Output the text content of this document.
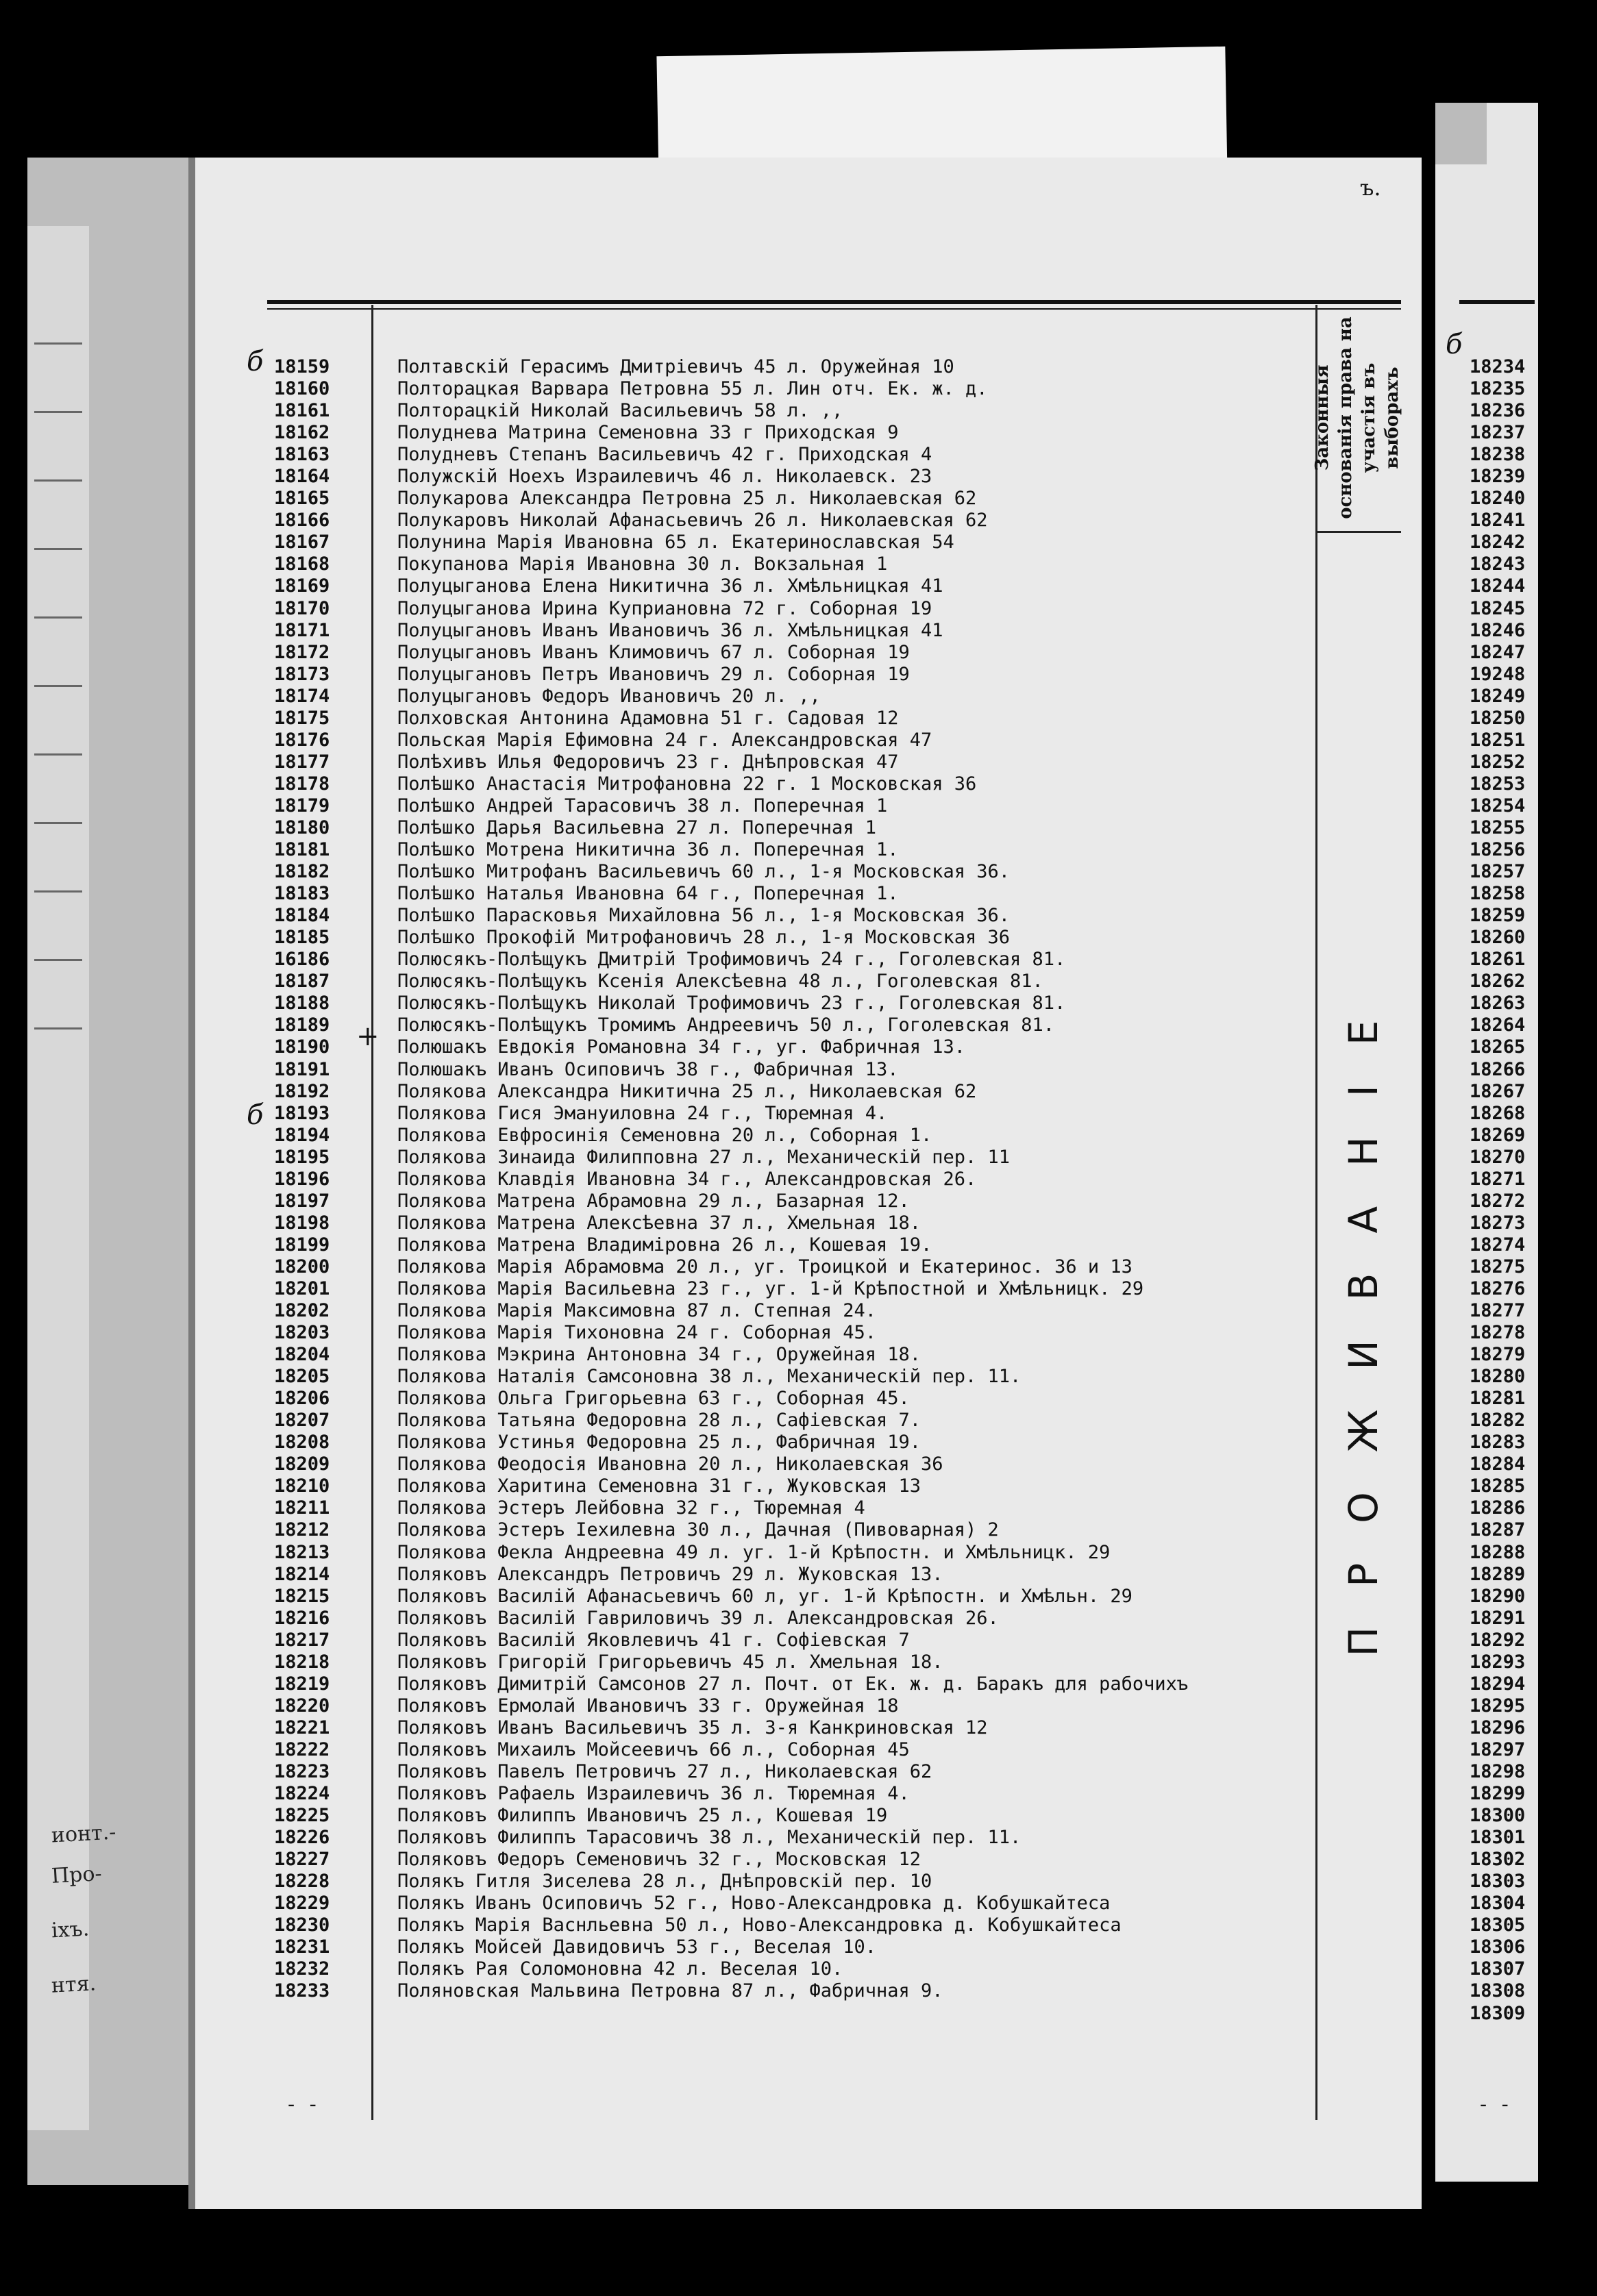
ионт.-
Про-
iхъ.
нтя.
ъ.
Законныя основанія права на участія въ выборахъ
ПРОЖИВАНІЕ
18159	Полтавскій Герасимъ Дмитріевичъ 45 л. Оружейная 10
18160	Полторацкая Варвара Петровна 55 л. Лин отч. Ек. ж. д.
18161	Полторацкій Николай Васильевичъ 58 л. ,,
18162	Полуднева Матрина Семеновна 33 г Приходская 9
18163	Полудневъ Степанъ Васильевичъ 42 г. Приходская 4
18164	Полужскій Ноехъ Израилевичъ 46 л. Николаевск. 23
18165	Полукарова Александра Петровна 25 л. Николаевская 62
18166	Полукаровъ Николай Афанасьевичъ 26 л. Николаевская 62
18167	Полунина Марія Ивановна 65 л. Екатеринославская 54
18168	Покупанова Марія Ивановна 30 л. Вокзальная 1
18169	Полуцыганова Елена Никитична 36 л. Хмѣльницкая 41
18170	Полуцыганова Ирина Куприановна 72 г. Соборная 19
18171	Полуцыгановъ Иванъ Ивановичъ 36 л. Хмѣльницкая 41
18172	Полуцыгановъ Иванъ Климовичъ 67 л. Соборная 19
18173	Полуцыгановъ Петръ Ивановичъ 29 л. Соборная 19
18174	Полуцыгановъ Федоръ Ивановичъ 20 л. ,,
18175	Полховская Антонина Адамовна 51 г. Садовая 12
18176	Польская Марія Ефимовна 24 г. Александровская 47
18177	Полѣхивъ Илья Федоровичъ 23 г. Днѣпровская 47
18178	Полѣшко Анастасія Митрофановна 22 г. 1 Московская 36
18179	Полѣшко Андрей Тарасовичъ 38 л. Поперечная 1
18180	Полѣшко Дарья Васильевна 27 л. Поперечная 1
18181	Полѣшко Мотрена Никитична 36 л. Поперечная 1.
18182	Полѣшко Митрофанъ Васильевичъ 60 л., 1-я Московская 36.
18183	Полѣшко Наталья Ивановна 64 г., Поперечная 1.
18184	Полѣшко Парасковья Михайловна 56 л., 1-я Московская 36.
18185	Полѣшко Прокофій Митрофановичъ 28 л., 1-я Московская 36
16186	Полюсякъ-Полѣщукъ Дмитрій Трофимовичъ 24 г., Гоголевская 81.
18187	Полюсякъ-Полѣщукъ Ксенія Алексѣевна 48 л., Гоголевская 81.
18188	Полюсякъ-Полѣщукъ Николай Трофимовичъ 23 г., Гоголевская 81.
18189	Полюсякъ-Полѣщукъ Тромимъ Андреевичъ 50 л., Гоголевская 81.
18190	Полюшакъ Евдокія Романовна 34 г., уг. Фабричная 13.
18191	Полюшакъ Иванъ Осиповичъ 38 г., Фабричная 13.
18192	Полякова Александра Никитична 25 л., Николаевская 62
18193	Полякова Гися Эмануиловна 24 г., Тюремная 4.
18194	Полякова Евфросинія Семеновна 20 л., Соборная 1.
18195	Полякова Зинаида Филипповна 27 л., Механическій пер. 11
18196	Полякова Клавдія Ивановна 34 г., Александровская 26.
18197	Полякова Матрена Абрамовна 29 л., Базарная 12.
18198	Полякова Матрена Алексѣевна 37 л., Хмельная 18.
18199	Полякова Матрена Владиміровна 26 л., Кошевая 19.
18200	Полякова Марія Абрамовма 20 л., уг. Троицкой и Екатеринос. 36 и 13
18201	Полякова Марія Васильевна 23 г., уг. 1-й Крѣпостной и Хмѣльницк. 29
18202	Полякова Марія Максимовна 87 л. Степная 24.
18203	Полякова Марія Тихоновна 24 г. Соборная 45.
18204	Полякова Мэкрина Антоновна 34 г., Оружейная 18.
18205	Полякова Наталія Самсоновна 38 л., Механическій пер. 11.
18206	Полякова Ольга Григорьевна 63 г., Соборная 45.
18207	Полякова Татьяна Федоровна 28 л., Сафіевская 7.
18208	Полякова Устинья Федоровна 25 л., Фабричная 19.
18209	Полякова Феодосія Ивановна 20 л., Николаевская 36
18210	Полякова Харитина Семеновна 31 г., Жуковская 13
18211	Полякова Эстеръ Лейбовна 32 г., Тюремная 4
18212	Полякова Эстеръ Іехилевна 30 л., Дачная (Пивоварная) 2
18213	Полякова Фекла Андреевна 49 л. уг. 1-й Крѣпостн. и Хмѣльницк. 29
18214	Поляковъ Александръ Петровичъ 29 л. Жуковская 13.
18215	Поляковъ Василій Афанасьевичъ 60 л, уг. 1-й Крѣпостн. и Хмѣльн. 29
18216	Поляковъ Василій Гавриловичъ 39 л. Александровская 26.
18217	Поляковъ Василій Яковлевичъ 41 г. Софіевская 7
18218	Поляковъ Григорій Григорьевичъ 45 л. Хмельная 18.
18219	Поляковъ Димитрій Самсонов 27 л. Почт. от Ек. ж. д. Баракъ для рабочихъ
18220	Поляковъ Ермолай Ивановичъ 33 г. Оружейная 18
18221	Поляковъ Иванъ Васильевичъ 35 л. 3-я Канкриновская 12
18222	Поляковъ Михаилъ Мойсеевичъ 66 л., Соборная 45
18223	Поляковъ Павелъ Петровичъ 27 л., Николаевская 62
18224	Поляковъ Рафаель Израилевичъ 36 л. Тюремная 4.
18225	Поляковъ Филиппъ Ивановичъ 25 л., Кошевая 19
18226	Поляковъ Филиппъ Тарасовичъ 38 л., Механическій пер. 11.
18227	Поляковъ Федоръ Семеновичъ 32 г., Московская 12
18228	Полякъ Гитля Зиселева 28 л., Днѣпровскій пер. 10
18229	Полякъ Иванъ Осиповичъ 52 г., Ново-Александровка д. Кобушкайтеса
18230	Полякъ Марія Васнльевна 50 л., Ново-Александровка д. Кобушкайтеса
18231	Полякъ Мойсей Давидовичъ 53 г., Веселая 10.
18232	Полякъ Рая Соломоновна 42 л. Веселая 10.
18233	Поляновская Мальвина Петровна 87 л., Фабричная 9.
18234
18235
18236
18237
18238
18239
18240
18241
18242
18243
18244
18245
18246
18247
19248
18249
18250
18251
18252
18253
18254
18255
18256
18257
18258
18259
18260
18261
18262
18263
18264
18265
18266
18267
18268
18269
18270
18271
18272
18273
18274
18275
18276
18277
18278
18279
18280
18281
18282
18283
18284
18285
18286
18287
18288
18289
18290
18291
18292
18293
18294
18295
18296
18297
18298
18299
18300
18301
18302
18303
18304
18305
18306
18307
18308
18309
б
б
+
б
- -	- -
